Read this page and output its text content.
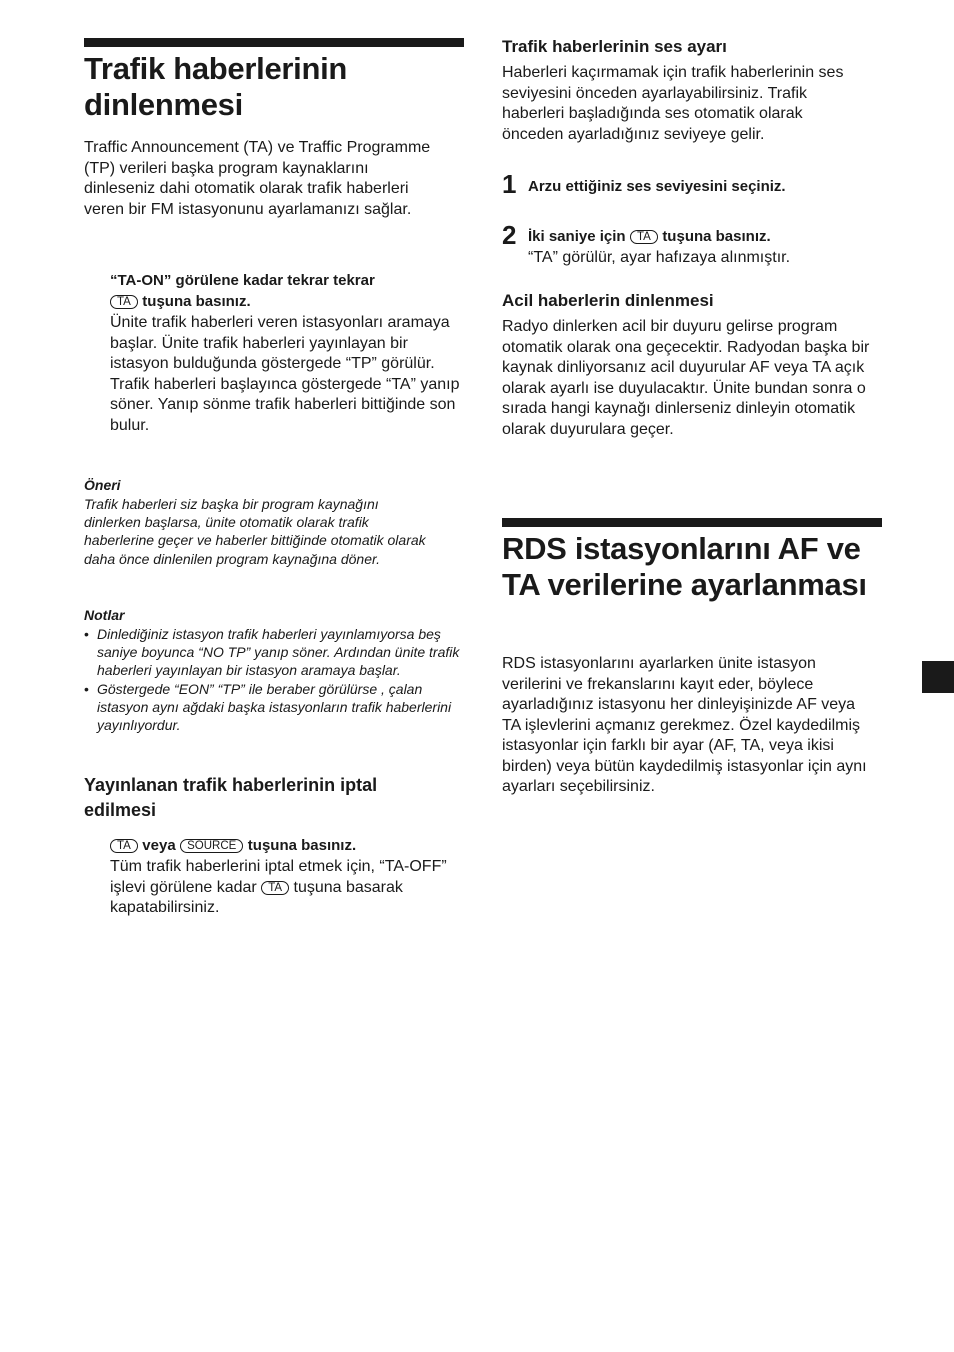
Trafik haberlerinin dinlenmesi

Traffic Announcement (TA) ve Traffic Programme (TP) verileri başka program kaynaklarını dinleseniz dahi otomatik olarak trafik haberleri veren bir FM istasyonunu ayarlamanızı sağlar.

“TA-ON” görülene kadar tekrar tekrar
TA tuşuna basınız.

Ünite trafik haberleri veren istasyonları aramaya başlar. Ünite trafik haberleri yayınlayan bir istasyon bulduğunda göstergede “TP” görülür.
Trafik haberleri başlayınca göstergede “TA” yanıp söner. Yanıp sönme trafik haberleri bittiğinde son bulur.

Öneri

Trafik haberleri siz başka bir program kaynağını dinlerken başlarsa, ünite otomatik olarak trafik haberlerine geçer ve haberler bittiğinde otomatik olarak daha önce dinlenilen program kaynağına döner.

Notlar
• Dinlediğiniz istasyon trafik haberleri yayınlamıyorsa beş saniye boyunca “NO TP” yanıp söner. Ardından ünite trafik haberleri yayınlayan bir istasyon aramaya başlar.
• Göstergede “EON” “TP” ile beraber görülürse , çalan istasyon aynı ağdaki başka istasyonların trafik haberlerini yayınlıyordur.
Yayınlanan trafik haberlerinin iptal edilmesi
TA veya SOURCE tuşuna basınız.
Tüm trafik haberlerini iptal etmek için, “TA-OFF” işlevi görülene kadar TA tuşuna basarak kapatabilirsiniz.
Trafik haberlerinin ses ayarı

Haberleri kaçırmamak için trafik haberlerinin ses seviyesini önceden ayarlayabilirsiniz. Trafik haberleri başladığında ses otomatik olarak önceden ayarladığınız seviyeye gelir.

1 Arzu ettiğiniz ses seviyesini seçiniz.
2 İki saniye için TA tuşuna basınız.

“TA” görülür, ayar hafızaya alınmıştır.

Acil haberlerin dinlenmesi

Radyo dinlerken acil bir duyuru gelirse program otomatik olarak ona geçecektir. Radyodan başka bir kaynak dinliyorsanız acil duyurular AF veya TA açık olarak ayarlı ise duyulacaktır. Ünite bundan sonra o sırada hangi kaynağı dinlerseniz dinleyin otomatik olarak duyurulara geçer.

RDS istasyonlarını AF ve TA verilerine ayarlanması

RDS istasyonlarını ayarlarken ünite istasyon verilerini ve frekanslarını kayıt eder, böylece ayarladığınız istasyonu her dinleyişinizde AF veya TA işlevlerini açmanız gerekmez. Özel kaydedilmiş istasyonlar için farklı bir ayar (AF, TA, veya ikisi birden) veya bütün kaydedilmiş istasyonlar için aynı ayarları seçebilirsiniz.
